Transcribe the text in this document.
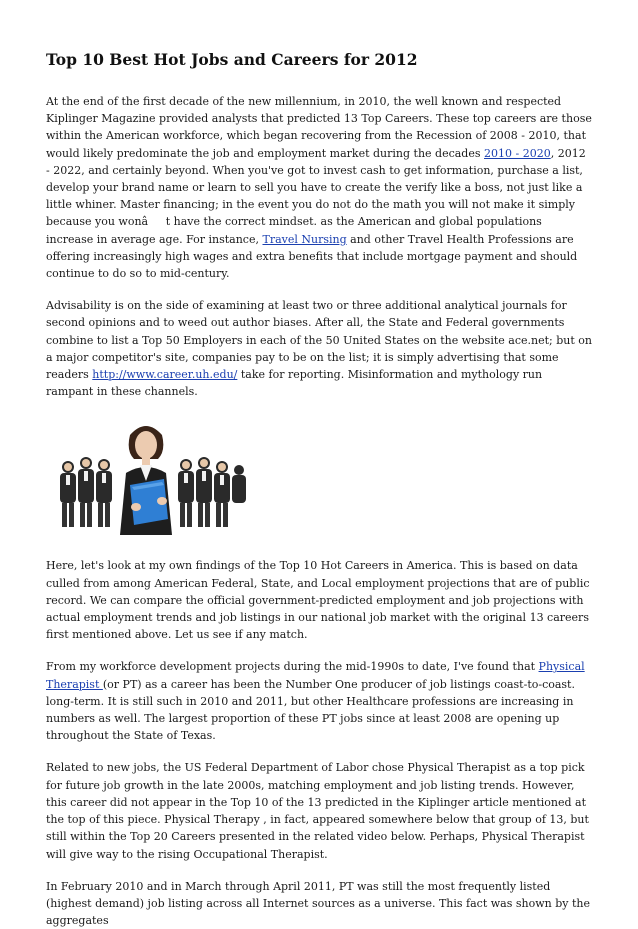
Top 10 Best Hot Jobs and Careers for 2012

At the end of the first decade of the new millennium, in 2010, the well known and respected Kiplinger Magazine provided analysts that predicted 13 Top Careers. These top careers are those within the American workforce, which began recovering from the Recession of 2008 - 2010, that would likely predominate the job and employment market during the decades 2010 - 2020, 2012 - 2022, and certainly beyond. When you've got to invest cash to get information, purchase a list, develop your brand name or learn to sell you have to create the verify like a boss, not just like a little whiner. Master financing; in the event you do not do the math you will not make it simply because you wonât have the correct mindset. as the American and global populations increase in average age. For instance, Travel Nursing and other Travel Health Professions are offering increasingly high wages and extra benefits that include mortgage payment and should continue to do so to mid-century.

Advisability is on the side of examining at least two or three additional analytical journals for second opinions and to weed out author biases. After all, the State and Federal governments combine to list a Top 50 Employers in each of the 50 United States on the website ace.net; but on a major competitor's site, companies pay to be on the list; it is simply advertising that some readers http://www.career.uh.edu/ take for reporting. Misinformation and mythology run rampant in these channels.

Here, let's look at my own findings of the Top 10 Hot Careers in America. This is based on data culled from among American Federal, State, and Local employment projections that are of public record. We can compare the official government-predicted employment and job projections with actual employment trends and job listings in our national job market with the original 13 careers first mentioned above. Let us see if any match.

From my workforce development projects during the mid-1990s to date, I've found that Physical Therapist (or PT) as a career has been the Number One producer of job listings coast-to-coast. long-term. It is still such in 2010 and 2011, but other Healthcare professions are increasing in numbers as well. The largest proportion of these PT jobs since at least 2008 are opening up throughout the State of Texas.

Related to new jobs, the US Federal Department of Labor chose Physical Therapist as a top pick for future job growth in the late 2000s, matching employment and job listing trends. However, this career did not appear in the Top 10 of the 13 predicted in the Kiplinger article mentioned at the top of this piece. Physical Therapy , in fact, appeared somewhere below that group of 13, but still within the Top 20 Careers presented in the related video below. Perhaps, Physical Therapist will give way to the rising Occupational Therapist.

In February 2010 and in March through April 2011, PT was still the most frequently listed (highest demand) job listing across all Internet sources as a universe. This fact was shown by the aggregates
